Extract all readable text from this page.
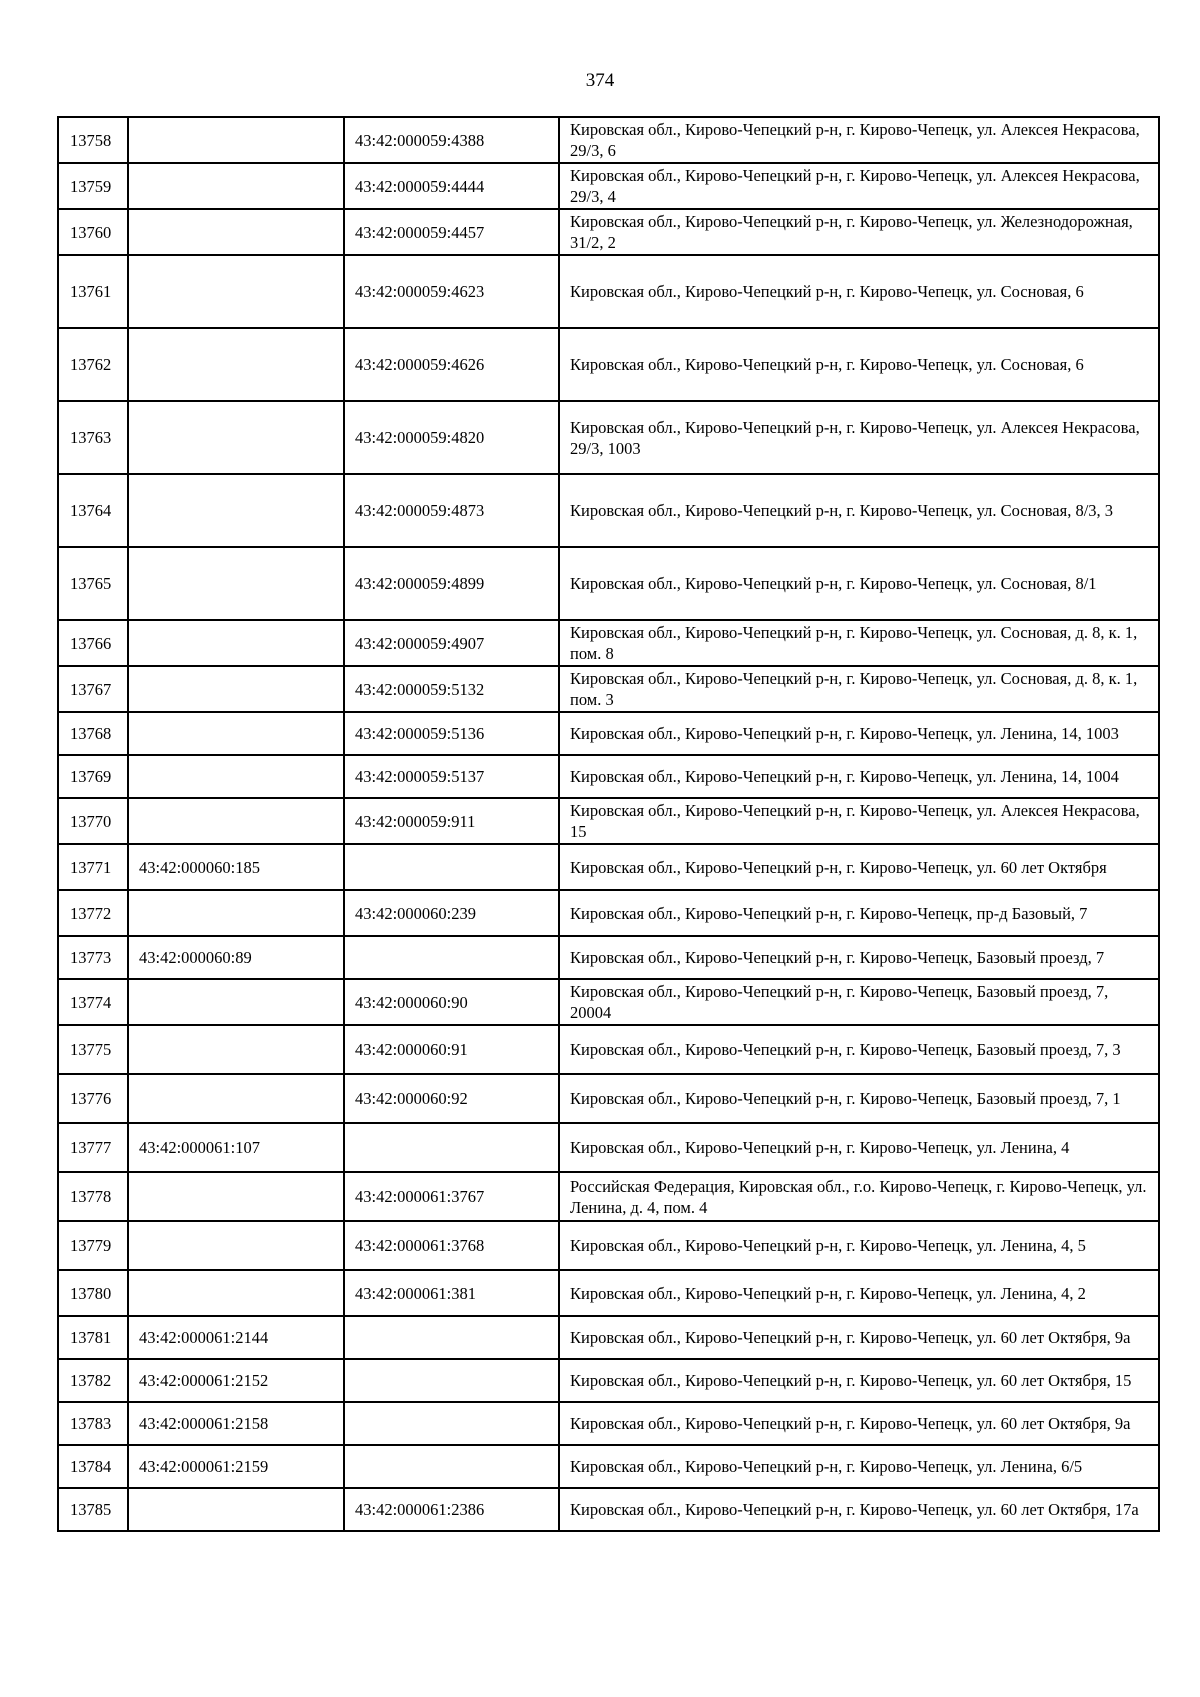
374
13758		43:42:000059:4388	Кировская обл., Кирово-Чепецкий р-н, г. Кирово-Чепецк, ул. Алексея Некрасова, 29/3, 6
13759		43:42:000059:4444	Кировская обл., Кирово-Чепецкий р-н, г. Кирово-Чепецк, ул. Алексея Некрасова, 29/3, 4
13760		43:42:000059:4457	Кировская обл., Кирово-Чепецкий р-н, г. Кирово-Чепецк, ул. Железнодорожная, 31/2, 2
13761		43:42:000059:4623	Кировская обл., Кирово-Чепецкий р-н, г. Кирово-Чепецк, ул. Сосновая, 6
13762		43:42:000059:4626	Кировская обл., Кирово-Чепецкий р-н, г. Кирово-Чепецк, ул. Сосновая, 6
13763		43:42:000059:4820	Кировская обл., Кирово-Чепецкий р-н, г. Кирово-Чепецк, ул. Алексея Некрасова, 29/3, 1003
13764		43:42:000059:4873	Кировская обл., Кирово-Чепецкий р-н, г. Кирово-Чепецк, ул. Сосновая, 8/3, 3
13765		43:42:000059:4899	Кировская обл., Кирово-Чепецкий р-н, г. Кирово-Чепецк, ул. Сосновая, 8/1
13766		43:42:000059:4907	Кировская обл., Кирово-Чепецкий р-н, г. Кирово-Чепецк, ул. Сосновая, д. 8, к. 1, пом. 8
13767		43:42:000059:5132	Кировская обл., Кирово-Чепецкий р-н, г. Кирово-Чепецк, ул. Сосновая, д. 8, к. 1, пом. 3
13768		43:42:000059:5136	Кировская обл., Кирово-Чепецкий р-н, г. Кирово-Чепецк, ул. Ленина, 14, 1003
13769		43:42:000059:5137	Кировская обл., Кирово-Чепецкий р-н, г. Кирово-Чепецк, ул. Ленина, 14, 1004
13770		43:42:000059:911	Кировская обл., Кирово-Чепецкий р-н, г. Кирово-Чепецк, ул. Алексея Некрасова, 15
13771	43:42:000060:185		Кировская обл., Кирово-Чепецкий р-н, г. Кирово-Чепецк, ул. 60 лет Октября
13772		43:42:000060:239	Кировская обл., Кирово-Чепецкий р-н, г. Кирово-Чепецк, пр-д Базовый, 7
13773	43:42:000060:89		Кировская обл., Кирово-Чепецкий р-н, г. Кирово-Чепецк, Базовый проезд, 7
13774		43:42:000060:90	Кировская обл., Кирово-Чепецкий р-н, г. Кирово-Чепецк, Базовый проезд, 7, 20004
13775		43:42:000060:91	Кировская обл., Кирово-Чепецкий р-н, г. Кирово-Чепецк, Базовый проезд, 7, 3
13776		43:42:000060:92	Кировская обл., Кирово-Чепецкий р-н, г. Кирово-Чепецк, Базовый проезд, 7, 1
13777	43:42:000061:107		Кировская обл., Кирово-Чепецкий р-н, г. Кирово-Чепецк, ул. Ленина, 4
13778		43:42:000061:3767	Российская Федерация, Кировская обл., г.о. Кирово-Чепецк, г. Кирово-Чепецк, ул. Ленина, д. 4, пом. 4
13779		43:42:000061:3768	Кировская обл., Кирово-Чепецкий р-н, г. Кирово-Чепецк, ул. Ленина, 4, 5
13780		43:42:000061:381	Кировская обл., Кирово-Чепецкий р-н, г. Кирово-Чепецк, ул. Ленина, 4, 2
13781	43:42:000061:2144		Кировская обл., Кирово-Чепецкий р-н, г. Кирово-Чепецк, ул. 60 лет Октября, 9а
13782	43:42:000061:2152		Кировская обл., Кирово-Чепецкий р-н, г. Кирово-Чепецк, ул. 60 лет Октября, 15
13783	43:42:000061:2158		Кировская обл., Кирово-Чепецкий р-н, г. Кирово-Чепецк, ул. 60 лет Октября, 9а
13784	43:42:000061:2159		Кировская обл., Кирово-Чепецкий р-н, г. Кирово-Чепецк, ул. Ленина, 6/5
13785		43:42:000061:2386	Кировская обл., Кирово-Чепецкий р-н, г. Кирово-Чепецк, ул. 60 лет Октября, 17а
